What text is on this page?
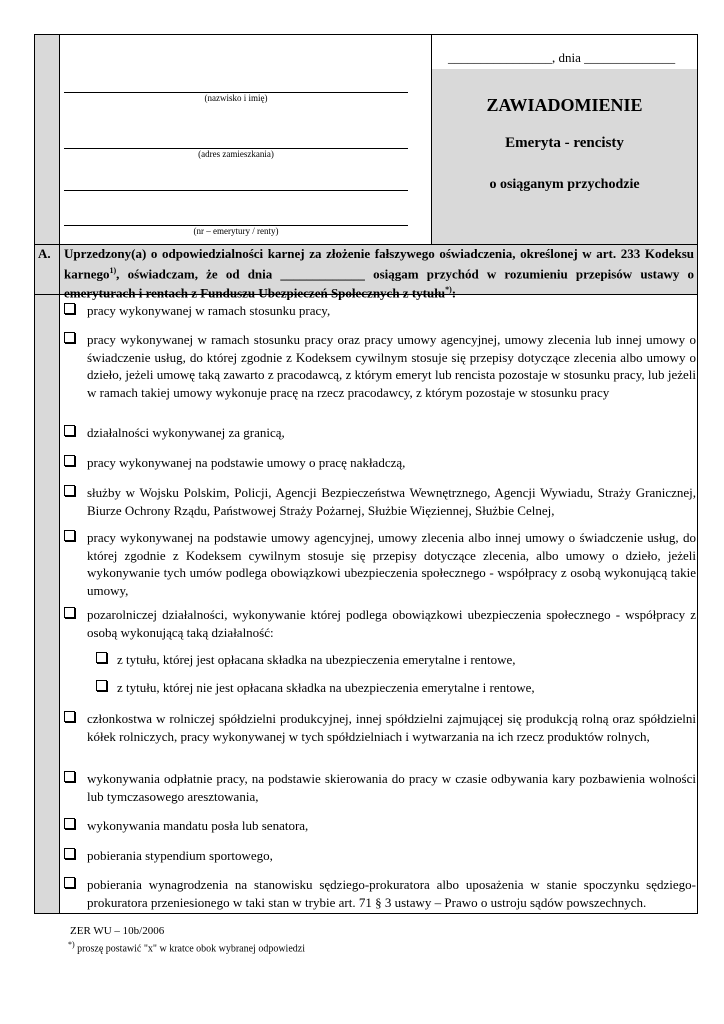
________________, dnia ______________
(nazwisko i imię)
(adres zamieszkania)
(nr – emerytury / renty)
ZAWIADOMIENIE
Emeryta - rencisty
o osiąganym przychodzie
A. Uprzedzony(a) o odpowiedzialności karnej za złożenie fałszywego oświadczenia, określonej w art. 233 Kodeksu karnego$^{1)}$, oświadczam, że od dnia _____________ osiągam przychód w rozumieniu przepisów ustawy o emeryturach i rentach z Funduszu Ubezpieczeń Społecznych z tytułu*):
pracy wykonywanej w ramach stosunku pracy,
pracy wykonywanej w ramach stosunku pracy oraz pracy umowy agencyjnej, umowy zlecenia lub innej umowy o świadczenie usług, do której zgodnie z Kodeksem cywilnym stosuje się przepisy dotyczące zlecenia albo umowy o dzieło, jeżeli umowę taką zawarto z pracodawcą, z którym emeryt lub rencista pozostaje w stosunku pracy, lub jeżeli w ramach takiej umowy wykonuje pracę na rzecz pracodawcy, z którym pozostaje w stosunku pracy
działalności wykonywanej za granicą,
pracy wykonywanej na podstawie umowy o pracę nakładczą,
służby w Wojsku Polskim, Policji, Agencji Bezpieczeństwa Wewnętrznego, Agencji Wywiadu, Straży Granicznej, Biurze Ochrony Rządu, Państwowej Straży Pożarnej, Służbie Więziennej, Służbie Celnej,
pracy wykonywanej na podstawie umowy agencyjnej, umowy zlecenia albo innej umowy o świadczenie usług, do której zgodnie z Kodeksem cywilnym stosuje się przepisy dotyczące zlecenia, albo umowy o dzieło, jeżeli wykonywanie tych umów podlega obowiązkowi ubezpieczenia społecznego - współpracy z osobą wykonującą takie umowy,
pozarolniczej działalności, wykonywanie której podlega obowiązkowi ubezpieczenia społecznego - współpracy z osobą wykonującą taką działalność:
z tytułu, której jest opłacana składka na ubezpieczenia emerytalne i rentowe,
z tytułu, której nie jest opłacana składka na ubezpieczenia emerytalne i rentowe,
członkostwa w rolniczej spółdzielni produkcyjnej, innej spółdzielni zajmującej się produkcją rolną oraz spółdzielni kółek rolniczych, pracy wykonywanej w tych spółdzielniach i wytwarzania na ich rzecz produktów rolnych,
wykonywania odpłatnie pracy, na podstawie skierowania do pracy w czasie odbywania kary pozbawienia wolności lub tymczasowego aresztowania,
wykonywania mandatu posła lub senatora,
pobierania stypendium sportowego,
pobierania wynagrodzenia na stanowisku sędziego-prokuratora albo uposażenia w stanie spoczynku sędziego-prokuratora przeniesionego w taki stan w trybie art. 71 § 3 ustawy – Prawo o ustroju sądów powszechnych.
ZER WU – 10b/2006
*) proszę postawić "x" w kratce obok wybranej odpowiedzi
